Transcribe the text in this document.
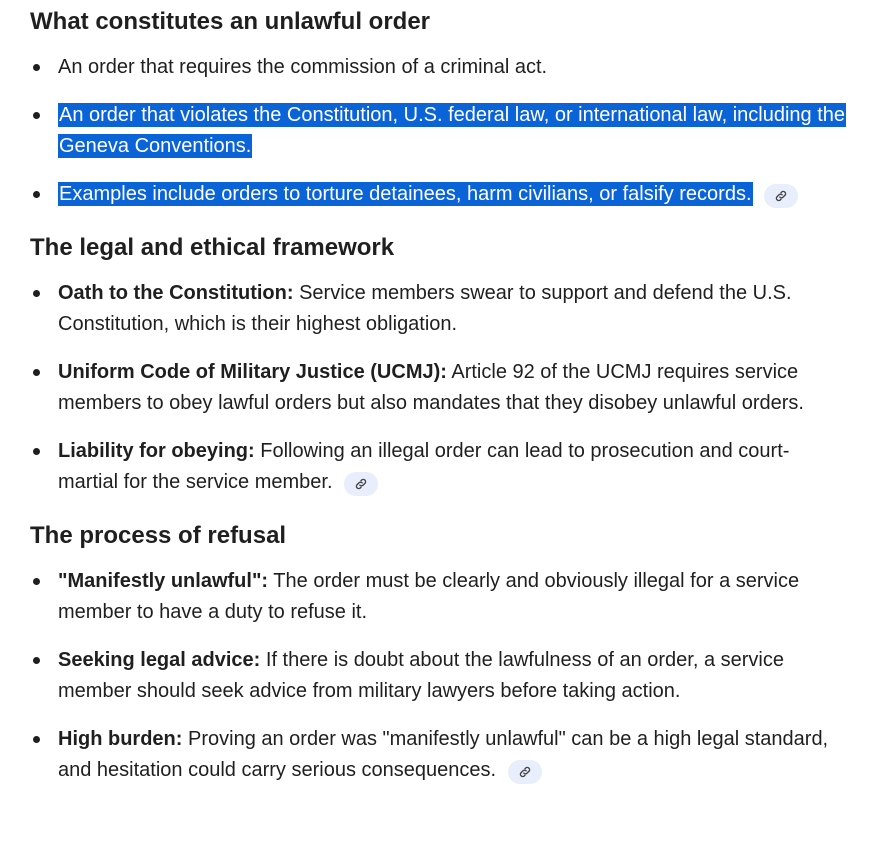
What constitutes an unlawful order
An order that requires the commission of a criminal act.
An order that violates the Constitution, U.S. federal law, or international law, including the Geneva Conventions.
Examples include orders to torture detainees, harm civilians, or falsify records.
The legal and ethical framework
Oath to the Constitution: Service members swear to support and defend the U.S. Constitution, which is their highest obligation.
Uniform Code of Military Justice (UCMJ): Article 92 of the UCMJ requires service members to obey lawful orders but also mandates that they disobey unlawful orders.
Liability for obeying: Following an illegal order can lead to prosecution and court-martial for the service member.
The process of refusal
"Manifestly unlawful": The order must be clearly and obviously illegal for a service member to have a duty to refuse it.
Seeking legal advice: If there is doubt about the lawfulness of an order, a service member should seek advice from military lawyers before taking action.
High burden: Proving an order was "manifestly unlawful" can be a high legal standard, and hesitation could carry serious consequences.
